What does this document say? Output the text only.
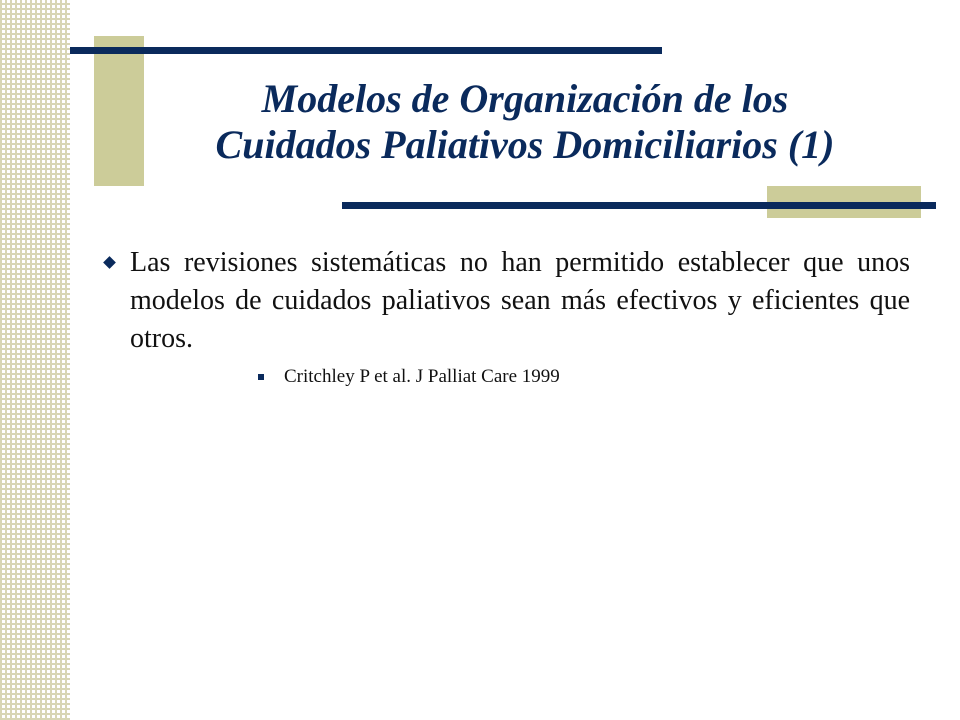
Modelos de Organización de los
Cuidados Paliativos Domiciliarios (1)

Las revisiones sistemáticas no han permitido establecer que unos modelos de cuidados paliativos sean más efectivos y eficientes que otros.

Critchley P et al. J Palliat Care 1999
